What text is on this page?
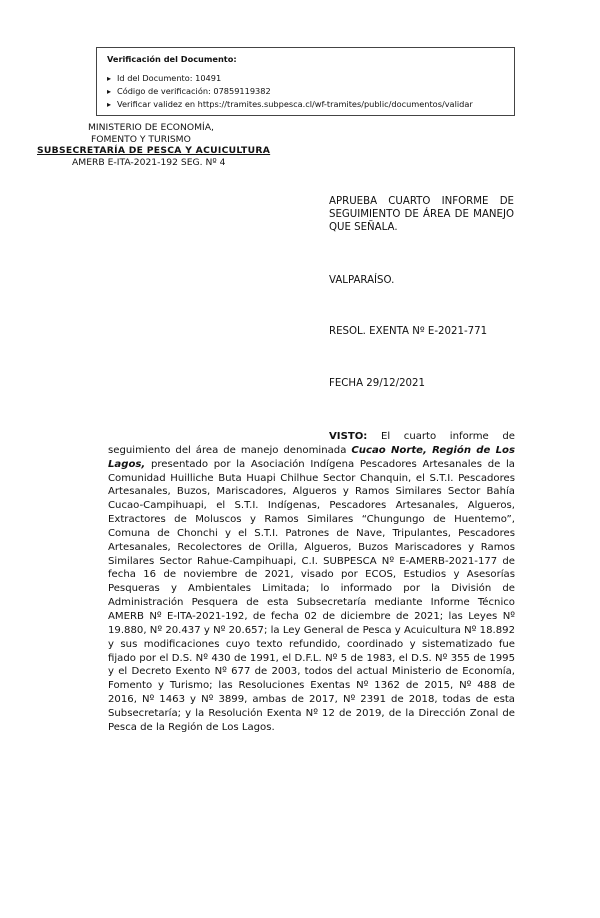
Verificación del Documento:
▸ Id del Documento: 10491
▸ Código de verificación: 07859119382
▸ Verificar validez en https://tramites.subpesca.cl/wf-tramites/public/documentos/validar
MINISTERIO DE ECONOMÍA,
FOMENTO Y TURISMO
SUBSECRETARÍA DE PESCA Y ACUICULTURA
AMERB E-ITA-2021-192 SEG. Nº 4
APRUEBA CUARTO INFORME DE
SEGUIMIENTO DE ÁREA DE MANEJO
QUE SEÑALA.
VALPARAÍSO.
RESOL. EXENTA Nº E-2021-771
FECHA 29/12/2021
VISTO: El cuarto informe de seguimiento del área de manejo denominada Cucao Norte, Región de Los Lagos, presentado por la Asociación Indígena Pescadores Artesanales de la Comunidad Huilliche Buta Huapi Chilhue Sector Chanquin, el S.T.I. Pescadores Artesanales, Buzos, Mariscadores, Algueros y Ramos Similares Sector Bahía Cucao-Campihuapi, el S.T.I. Indígenas, Pescadores Artesanales, Algueros, Extractores de Moluscos y Ramos Similares “Chungungo de Huentemo”, Comuna de Chonchi y el S.T.I. Patrones de Nave, Tripulantes, Pescadores Artesanales, Recolectores de Orilla, Algueros, Buzos Mariscadores y Ramos Similares Sector Rahue-Campihuapi, C.I. SUBPESCA Nº E-AMERB-2021-177 de fecha 16 de noviembre de 2021, visado por ECOS, Estudios y Asesorías Pesqueras y Ambientales Limitada; lo informado por la División de Administración Pesquera de esta Subsecretaría mediante Informe Técnico AMERB Nº E-ITA-2021-192, de fecha 02 de diciembre de 2021; las Leyes Nº 19.880, Nº 20.437 y Nº 20.657; la Ley General de Pesca y Acuicultura Nº 18.892 y sus modificaciones cuyo texto refundido, coordinado y sistematizado fue fijado por el D.S. Nº 430 de 1991, el D.F.L. Nº 5 de 1983, el D.S. Nº 355 de 1995 y el Decreto Exento Nº 677 de 2003, todos del actual Ministerio de Economía, Fomento y Turismo; las Resoluciones Exentas Nº 1362 de 2015, Nº 488 de 2016, Nº 1463 y Nº 3899, ambas de 2017, Nº 2391 de 2018, todas de esta Subsecretaría; y la Resolución Exenta Nº 12 de 2019, de la Dirección Zonal de Pesca de la Región de Los Lagos.
